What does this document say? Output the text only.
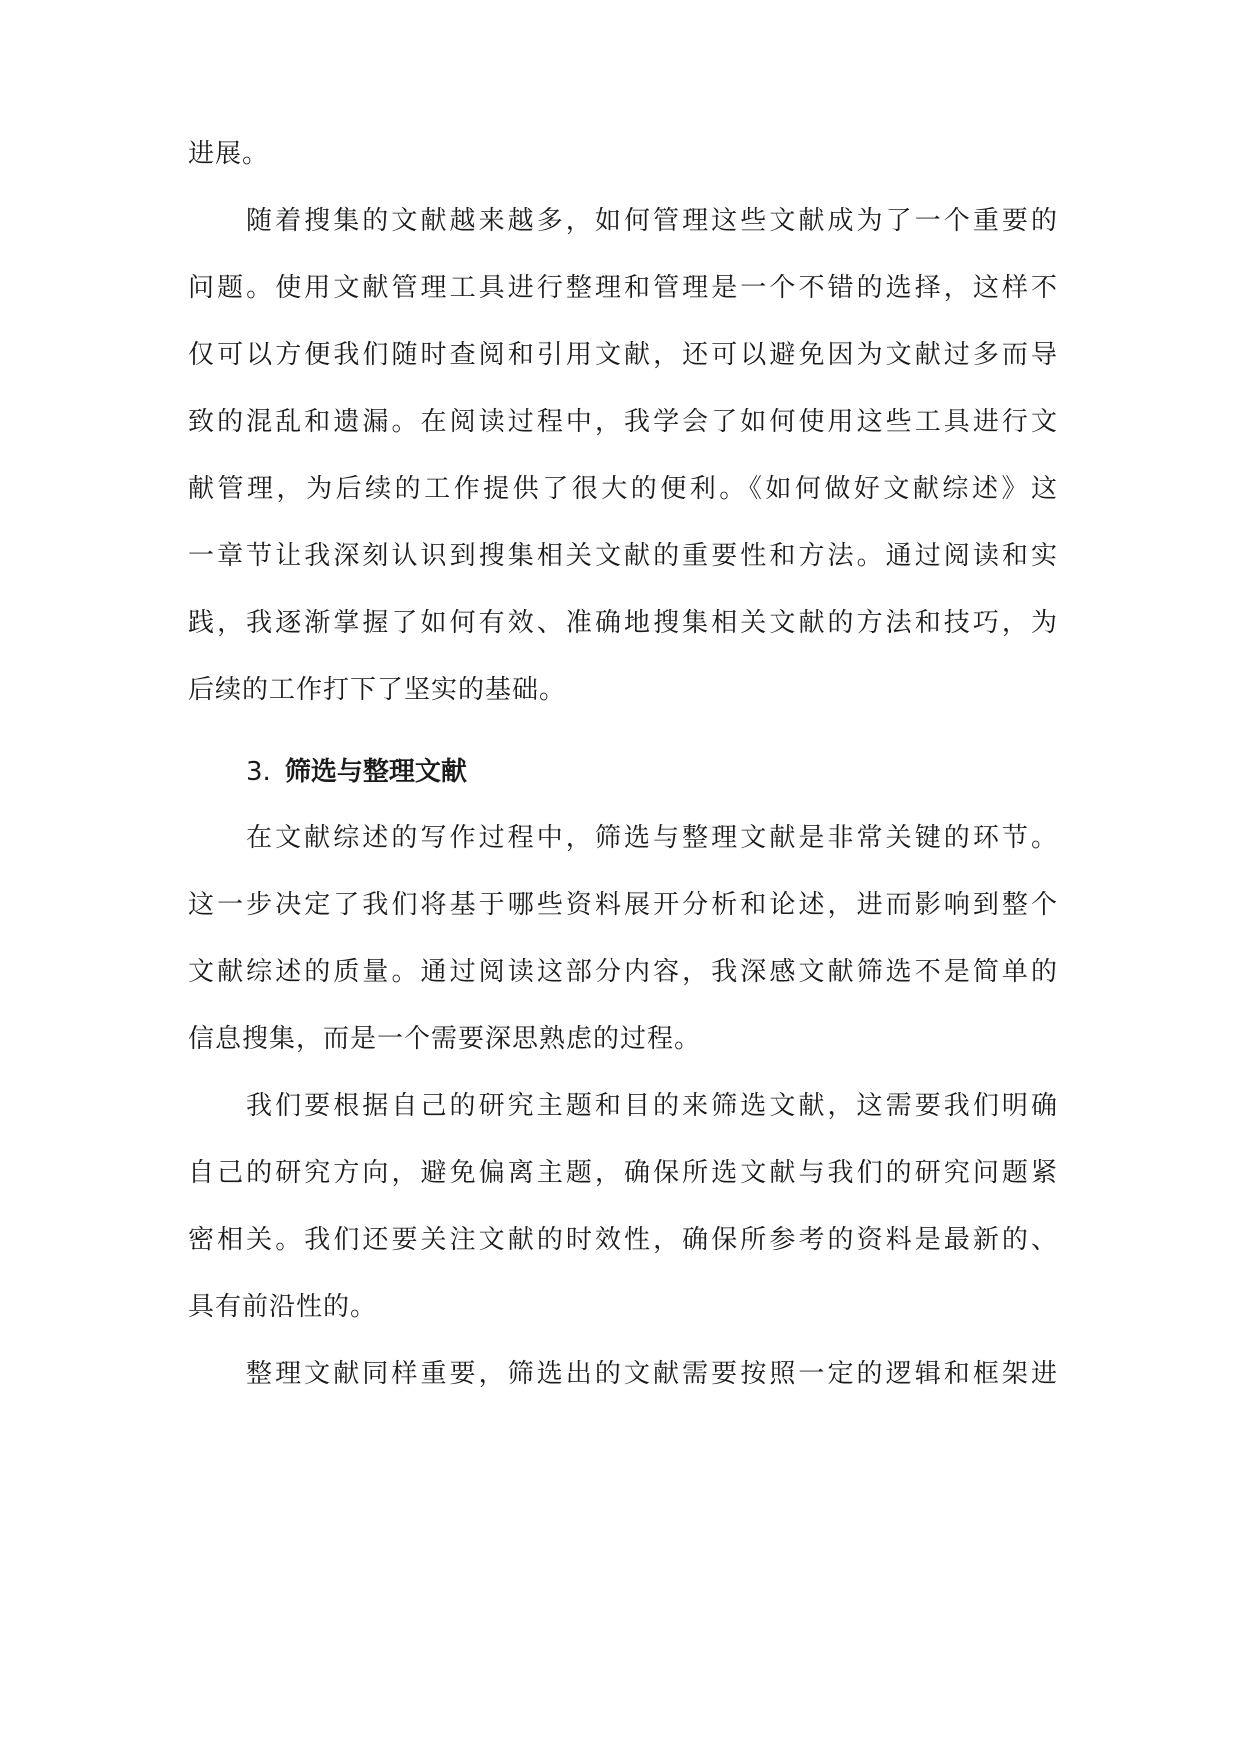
进展。
随着搜集的文献越来越多，如何管理这些文献成为了一个重要的
问题。使用文献管理工具进行整理和管理是一个不错的选择，这样不
仅可以方便我们随时查阅和引用文献，还可以避免因为文献过多而导
致的混乱和遗漏。在阅读过程中，我学会了如何使用这些工具进行文
献管理，为后续的工作提供了很大的便利。《如何做好文献综述》这
一章节让我深刻认识到搜集相关文献的重要性和方法。通过阅读和实
践，我逐渐掌握了如何有效、准确地搜集相关文献的方法和技巧，为
后续的工作打下了坚实的基础。
3. 筛选与整理文献
在文献综述的写作过程中，筛选与整理文献是非常关键的环节。
这一步决定了我们将基于哪些资料展开分析和论述，进而影响到整个
文献综述的质量。通过阅读这部分内容，我深感文献筛选不是简单的
信息搜集，而是一个需要深思熟虑的过程。
我们要根据自己的研究主题和目的来筛选文献，这需要我们明确
自己的研究方向，避免偏离主题，确保所选文献与我们的研究问题紧
密相关。我们还要关注文献的时效性，确保所参考的资料是最新的、
具有前沿性的。
整理文献同样重要，筛选出的文献需要按照一定的逻辑和框架进
